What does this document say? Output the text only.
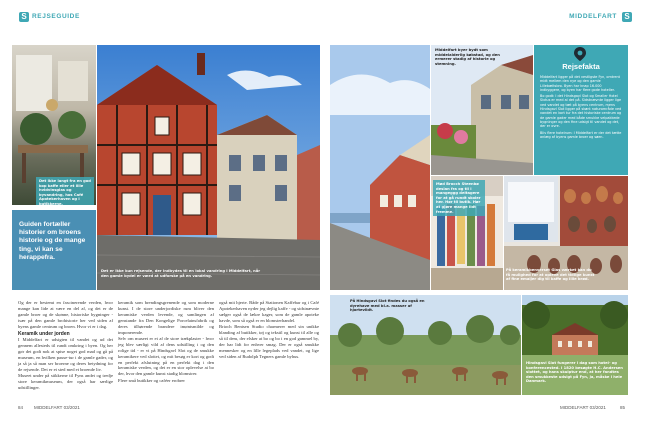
S REJSEGUIDE	MIDDELFART S
Det ikke langt fra en god kop kaffe eller et lille hvidvinsglas og byvandring, hos Café Apotekerhaven og i butikkerne.
Guiden fortæller historier om broens historie og de mange ting, vi kan se herappefra.
Det er ikke kun rejsende, der indbydes til en lokal vandring i Middelfart, når den gamle bydel er værd at udforske på en vandring.

Og der er bestemt en fascinerende verden, hvor mange kan lide at være en del af, og det er de gamle broer og de skønne, historiske bygninger - især på den gamle brohistorie her ved siden af byens gamle centrum og broen. Hvor vi er i dag.

Keramik under jorden

I Middelfart er udsigten til vandet og ud det gennem allesteds til rundt omkring i byen. Og her gør det godt nok at spise noget god mad og gå på museum, en hvilken pause-tur i de gamle gader, og ja så ja så man ser broerne og deres betydning for de rejsende. Det er et sted med et broende liv.

Museet under på stikkerne til Fyns andet og tredje store keramikmuseum, der også har særlige udstillinger.

keramik som brendingsgrenende og som moderne kunst. I de store underjordiske rum bliver den keramiske verden levende, og samlingen af genstande fra Den Kongelige Porcelainsfabrik og deres tilhørende brandere imøntsmilde og imponerende.

Selv om museet er et af de store trækplaster - hvor jeg blev særligt vild af dens udstilling i og den rolige tid - er vi på Hindsgavl Slot og de smukke keramikere ved slottet, og mit besøg er kort og godt en perfekt afslutning på en perfekt dag i den keramiske verden, og det er en stor oplevelse at bo der, hvor den gamle kunst stadig blomstrer.

Flere små butikker og caféer erobrer

også mit hjerte. Både på Stationen Kaffebar og i Café Apotekerhaven nyder jeg dejlig kaffe - og sidstnævnte sælger også de lækre kager, som de gamle apoteke havde, som så også er en blomsterhandel.

Brioch Bentsen Studio charmerer med sin unikke blanding af butikker, tøj og tekstil og kunst til alle og så til dem, der elsker at bo og bo i en god gammel by, der har lidt for enhver smag. Der er også smukke mennesker og en lille legeplads ved vandet, og lige ved siden af Rudolph Tegners gamle byhus.

Middelfart byer bydt som middelalderlig købstad, og den ermerer stadig af historie og stemning.	Rejsefakta

Middelfart ligger på det vestligste Fyn, omtrent midt mellem den nye og den gamle Lillebæltsbro. Byen har knap 16.000 indbyggere, og byen har flere gode hoteller.

Bo godt: I det Hindsgavl Slot og Smaller Hotel Sixtus er med al det på. Sidstnævnte ligger lige ved vandet og tæt på byens centrum, mens Hindsgavl Slot ligger på skønt naturområde ved vandet en kort tur fra det historiske centrum og de gamle gader med både smukke velpakkede bygninger og den fine udsigt til vandet og det, der er ovre.

Bliv flere hotelrum: I Middelfart er der det tætte anlæg af byens gamle broer og søen.

Mød Brocch Steenbø deslan fra og til i mangeggg deltagere for at gå rundt skoler her. Hør til butik. Hør at gjøre mange lidt fremme.
På keramikbenverset Glas værket kan du få mulighed for at opleve det tidlige kunst af fine emaljer dig til kaffe og lille brød.
På Hindsgavl Slot findes du også en dyrehave med bl.a. masser af hjortevildt.
Hindsgavl Slot fungerer i dag som hotel- og konferencested. I 1820 besøgte H.C. Andersen slottet, og hans skulptur end, at her fandtes den smukkeste udsigt på Fyn, ja, måske i hele Danmark.
84 MIDDELFART 03/2021	MIDDELFART 03/2021	85
